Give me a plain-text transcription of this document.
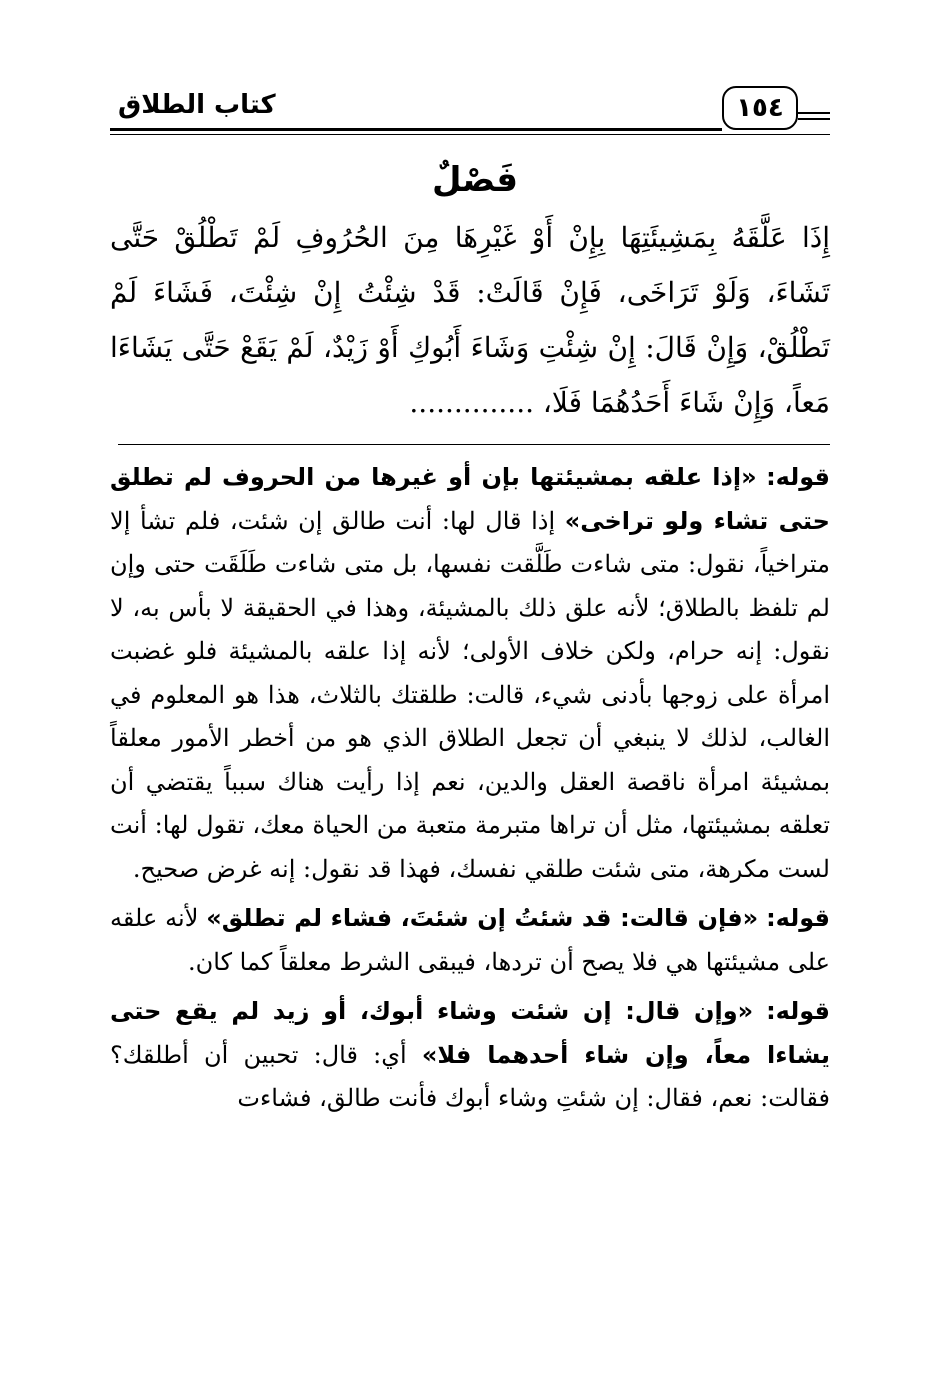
كتاب الطلاق	١٥٤
فَصْلٌ
إِذَا عَلَّقَهُ بِمَشِيئَتِهَا بِإِنْ أَوْ غَيْرِهَا مِنَ الحُرُوفِ لَمْ تَطْلُقْ حَتَّى تَشَاءَ، وَلَوْ تَرَاخَى، فَإِنْ قَالَتْ: قَدْ شِئْتُ إِنْ شِئْتَ، فَشَاءَ لَمْ تَطْلُقْ، وَإِنْ قَالَ: إِنْ شِئْتِ وَشَاءَ أَبُوكِ أَوْ زَيْدٌ، لَمْ يَقَعْ حَتَّى يَشَاءَا مَعاً، وَإِنْ شَاءَ أَحَدُهُمَا فَلَا، ..............

قوله: «إذا علقه بمشيئتها بإن أو غيرها من الحروف لم تطلق حتى تشاء ولو تراخى» إذا قال لها: أنت طالق إن شئت، فلم تشأ إلا متراخياً، نقول: متى شاءت طَلَّقت نفسها، بل متى شاءت طَلَقَت حتى وإن لم تلفظ بالطلاق؛ لأنه علق ذلك بالمشيئة، وهذا في الحقيقة لا بأس به، لا نقول: إنه حرام، ولكن خلاف الأولى؛ لأنه إذا علقه بالمشيئة فلو غضبت امرأة على زوجها بأدنى شيء، قالت: طلقتك بالثلاث، هذا هو المعلوم في الغالب، لذلك لا ينبغي أن تجعل الطلاق الذي هو من أخطر الأمور معلقاً بمشيئة امرأة ناقصة العقل والدين، نعم إذا رأيت هناك سبباً يقتضي أن تعلقه بمشيئتها، مثل أن تراها متبرمة متعبة من الحياة معك، تقول لها: أنت لست مكرهة، متى شئت طلقي نفسك، فهذا قد نقول: إنه غرض صحيح.

قوله: «فإن قالت: قد شئتُ إن شئتَ، فشاء لم تطلق» لأنه علقه على مشيئتها هي فلا يصح أن تردها، فيبقى الشرط معلقاً كما كان.

قوله: «وإن قال: إن شئت وشاء أبوك، أو زيد لم يقع حتى يشاءا معاً، وإن شاء أحدهما فلا» أي: قال: تحبين أن أطلقك؟ فقالت: نعم، فقال: إن شئتِ وشاء أبوك فأنت طالق، فشاءت
